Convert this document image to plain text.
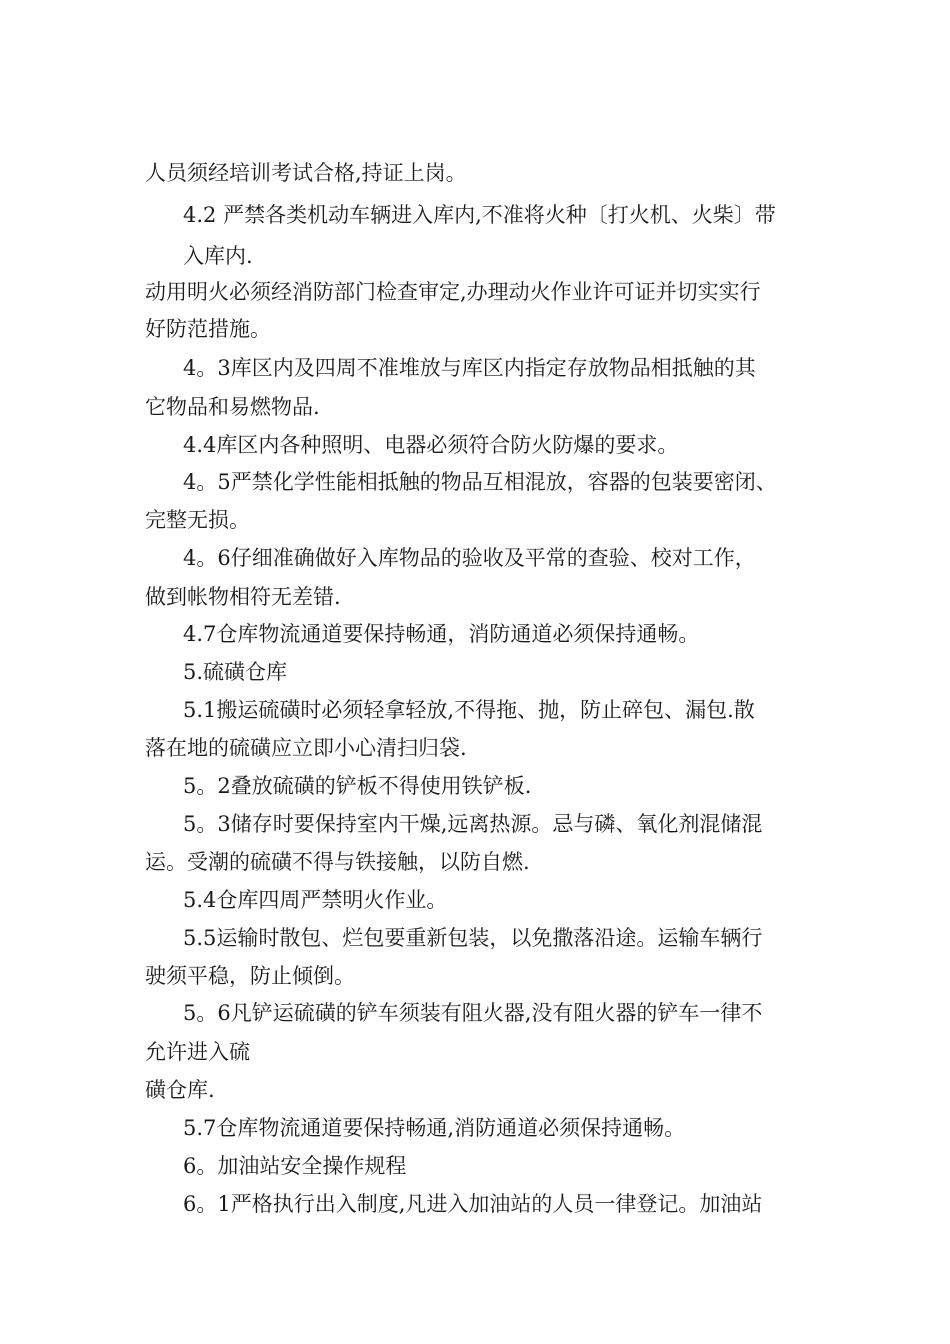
人员须经培训考试合格,持证上岗。

4.2 严禁各类机动车辆进入库内,不准将火种〔打火机、火柴〕带

入库内.

动用明火必须经消防部门检查审定,办理动火作业许可证并切实实行

好防范措施。

4。3库区内及四周不准堆放与库区内指定存放物品相抵触的其

它物品和易燃物品.

4.4库区内各种照明、电器必须符合防火防爆的要求。

4。5严禁化学性能相抵触的物品互相混放，容器的包装要密闭、

完整无损。

4。6仔细准确做好入库物品的验收及平常的查验、校对工作，

做到帐物相符无差错.

4.7仓库物流通道要保持畅通，消防通道必须保持通畅。

5.硫磺仓库

5.1搬运硫磺时必须轻拿轻放,不得拖、抛，防止碎包、漏包.散

落在地的硫磺应立即小心清扫归袋.

5。2叠放硫磺的铲板不得使用铁铲板.

5。3储存时要保持室内干燥,远离热源。忌与磷、氧化剂混储混

运。受潮的硫磺不得与铁接触，以防自燃.

5.4仓库四周严禁明火作业。

5.5运输时散包、烂包要重新包装，以免撒落沿途。运输车辆行

驶须平稳，防止倾倒。

5。6凡铲运硫磺的铲车须装有阻火器,没有阻火器的铲车一律不

允许进入硫

磺仓库.

5.7仓库物流通道要保持畅通,消防通道必须保持通畅。

6。加油站安全操作规程

6。1严格执行出入制度,凡进入加油站的人员一律登记。加油站
